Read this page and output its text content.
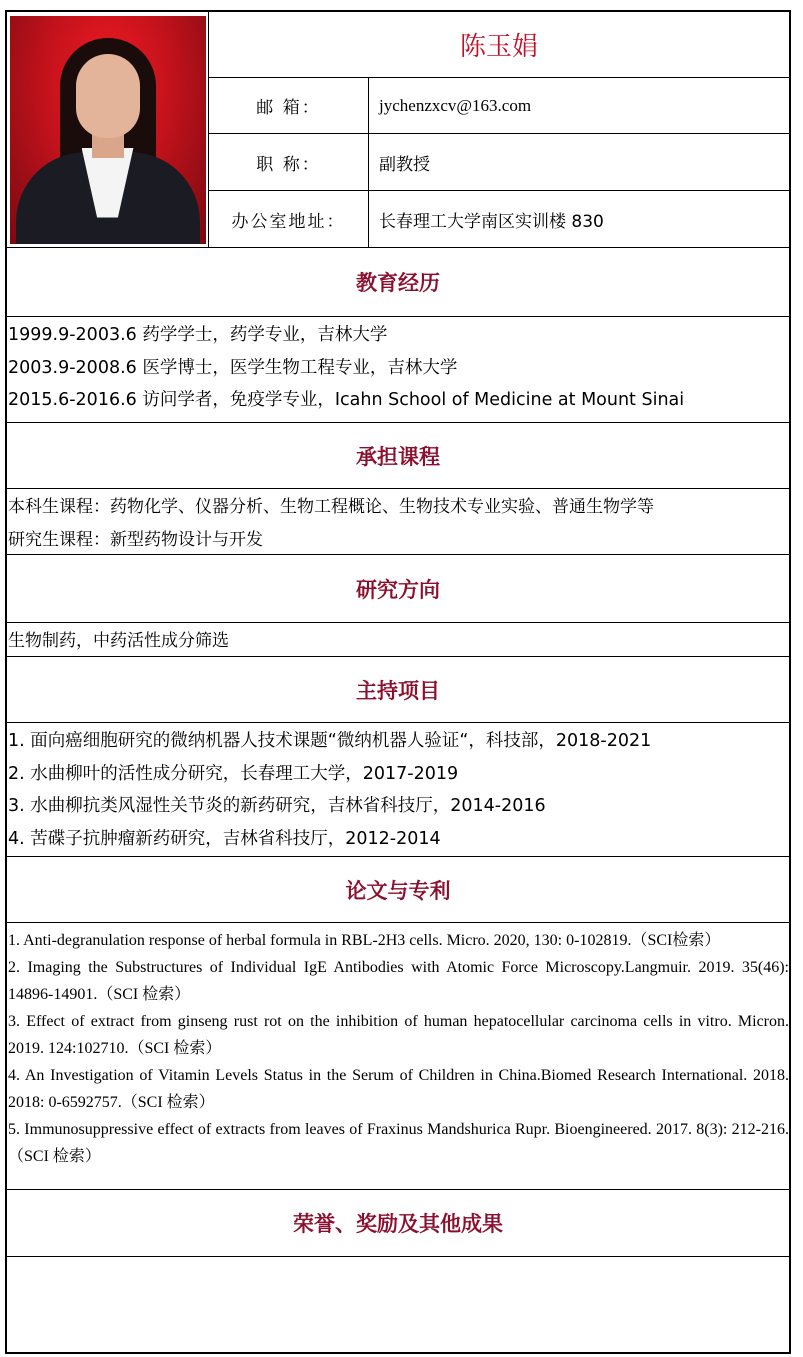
陈玉娟
邮 箱：	jychenzxcv@163.com
职 称：	副教授
办公室地址：	长春理工大学南区实训楼 830
教育经历
1999.9-2003.6 药学学士，药学专业，吉林大学
2003.9-2008.6 医学博士，医学生物工程专业，吉林大学
2015.6-2016.6 访问学者，免疫学专业，Icahn School of Medicine at Mount Sinai
承担课程
本科生课程：药物化学、仪器分析、生物工程概论、生物技术专业实验、普通生物学等
研究生课程：新型药物设计与开发
研究方向
生物制药，中药活性成分筛选
主持项目
1. 面向癌细胞研究的微纳机器人技术课题“微纳机器人验证“，科技部，2018-2021
2. 水曲柳叶的活性成分研究，长春理工大学，2017-2019
3. 水曲柳抗类风湿性关节炎的新药研究，吉林省科技厅，2014-2016
4. 苦碟子抗肿瘤新药研究，吉林省科技厅，2012-2014
论文与专利

1. Anti-degranulation response of herbal formula in RBL-2H3 cells. Micro. 2020, 130: 0-102819.（SCI检索）

2. Imaging the Substructures of Individual IgE Antibodies with Atomic Force Microscopy.Langmuir. 2019. 35(46): 14896-14901.（SCI 检索）

3. Effect of extract from ginseng rust rot on the inhibition of human hepatocellular carcinoma cells in vitro. Micron. 2019. 124:102710.（SCI 检索）

4. An Investigation of Vitamin Levels Status in the Serum of Children in China.Biomed Research International. 2018. 2018: 0-6592757.（SCI 检索）

5. Immunosuppressive effect of extracts from leaves of Fraxinus Mandshurica Rupr. Bioengineered. 2017. 8(3): 212-216.（SCI 检索）

荣誉、奖励及其他成果
